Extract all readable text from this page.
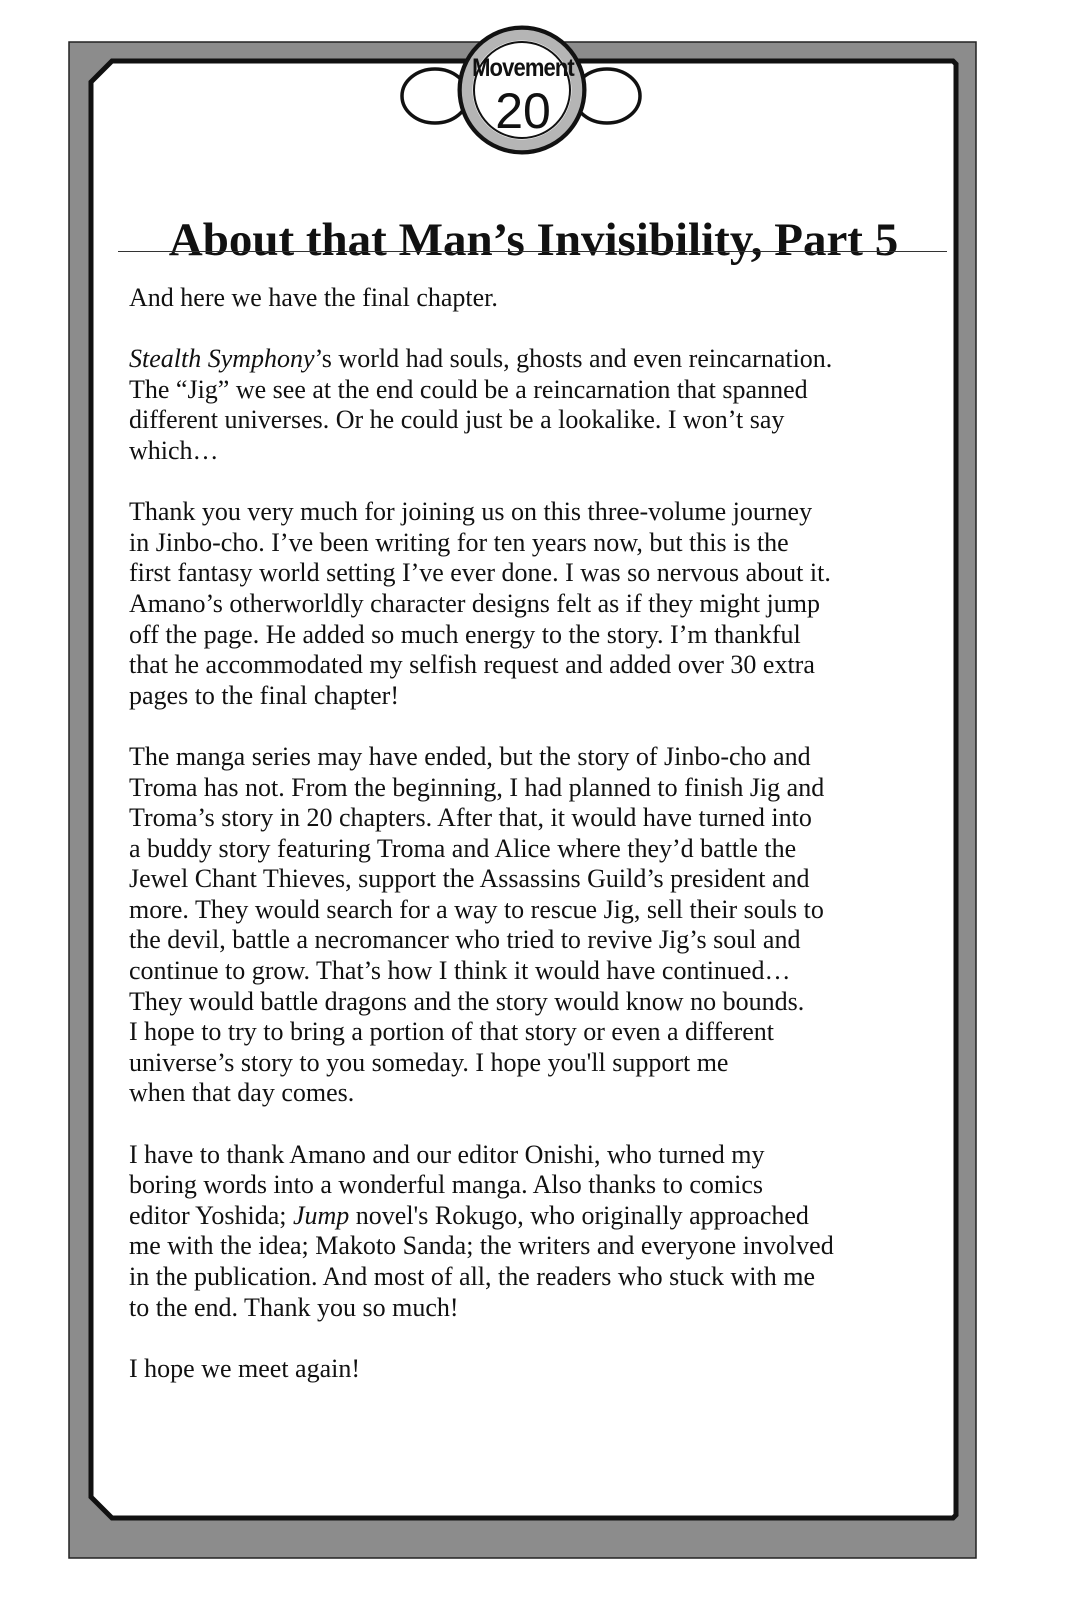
Movement
20
About that Man’s Invisibility, Part 5

And here we have the final chapter.

Stealth Symphony’s world had souls, ghosts and even reincarnation.
The “Jig” we see at the end could be a reincarnation that spanned
different universes. Or he could just be a lookalike. I won’t say
which…

Thank you very much for joining us on this three-volume journey
in Jinbo-cho. I’ve been writing for ten years now, but this is the
first fantasy world setting I’ve ever done. I was so nervous about it.
Amano’s otherworldly character designs felt as if they might jump
off the page. He added so much energy to the story. I’m thankful
that he accommodated my selfish request and added over 30 extra
pages to the final chapter!

The manga series may have ended, but the story of Jinbo-cho and
Troma has not. From the beginning, I had planned to finish Jig and
Troma’s story in 20 chapters. After that, it would have turned into
a buddy story featuring Troma and Alice where they’d battle the
Jewel Chant Thieves, support the Assassins Guild’s president and
more. They would search for a way to rescue Jig, sell their souls to
the devil, battle a necromancer who tried to revive Jig’s soul and
continue to grow. That’s how I think it would have continued…
They would battle dragons and the story would know no bounds.
I hope to try to bring a portion of that story or even a different
universe’s story to you someday. I hope you'll support me
when that day comes.

I have to thank Amano and our editor Onishi, who turned my
boring words into a wonderful manga. Also thanks to comics
editor Yoshida; Jump novel's Rokugo, who originally approached
me with the idea; Makoto Sanda; the writers and everyone involved
in the publication. And most of all, the readers who stuck with me
to the end. Thank you so much!

I hope we meet again!
